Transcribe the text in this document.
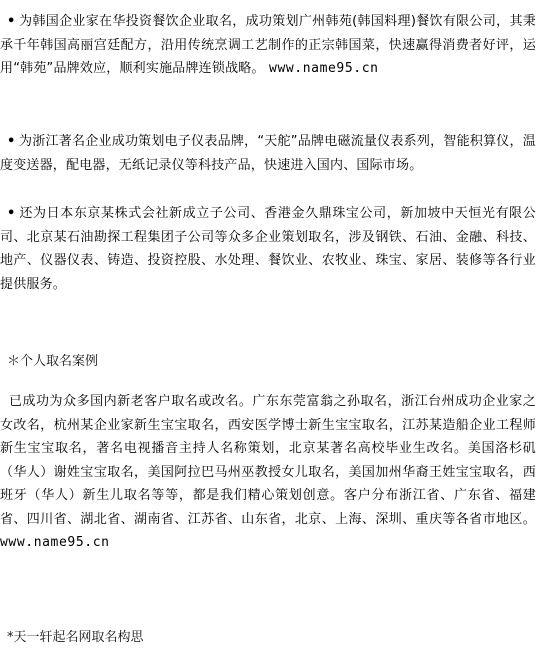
• 为韩国企业家在华投资餐饮企业取名，成功策划广州韩苑(韩国料理)餐饮有限公司，其秉承千年韩国高丽宫廷配方，沿用传统烹调工艺制作的正宗韩国菜，快速赢得消费者好评，运用“韩苑”品牌效应，顺利实施品牌连锁战略。 www.name95.cn
• 为浙江著名企业成功策划电子仪表品牌，“天舵”品牌电磁流量仪表系列，智能积算仪，温度变送器，配电器，无纸记录仪等科技产品，快速进入国内、国际市场。
• 还为日本东京某株式会社新成立子公司、香港金久鼎珠宝公司，新加坡中天恒光有限公司、北京某石油勘探工程集团子公司等众多企业策划取名，涉及钢铁、石油、金融、科技、地产、仪器仪表、铸造、投资控股、水处理、餐饮业、农牧业、珠宝、家居、装修等各行业提供服务。
＊个人取名案例
已成功为众多国内新老客户取名或改名。广东东莞富翁之孙取名，浙江台州成功企业家之女改名，杭州某企业家新生宝宝取名，西安医学博士新生宝宝取名，江苏某造船企业工程师新生宝宝取名，著名电视播音主持人名称策划，北京某著名高校毕业生改名。美国洛杉矶（华人）谢姓宝宝取名，美国阿拉巴马州巫教授女儿取名，美国加州华裔王姓宝宝取名，西班牙（华人）新生儿取名等等，都是我们精心策划创意。客户分布浙江省、广东省、福建省、四川省、湖北省、湖南省、江苏省、山东省，北京、上海、深圳、重庆等各省市地区。 www.name95.cn
*天一轩起名网取名构思
